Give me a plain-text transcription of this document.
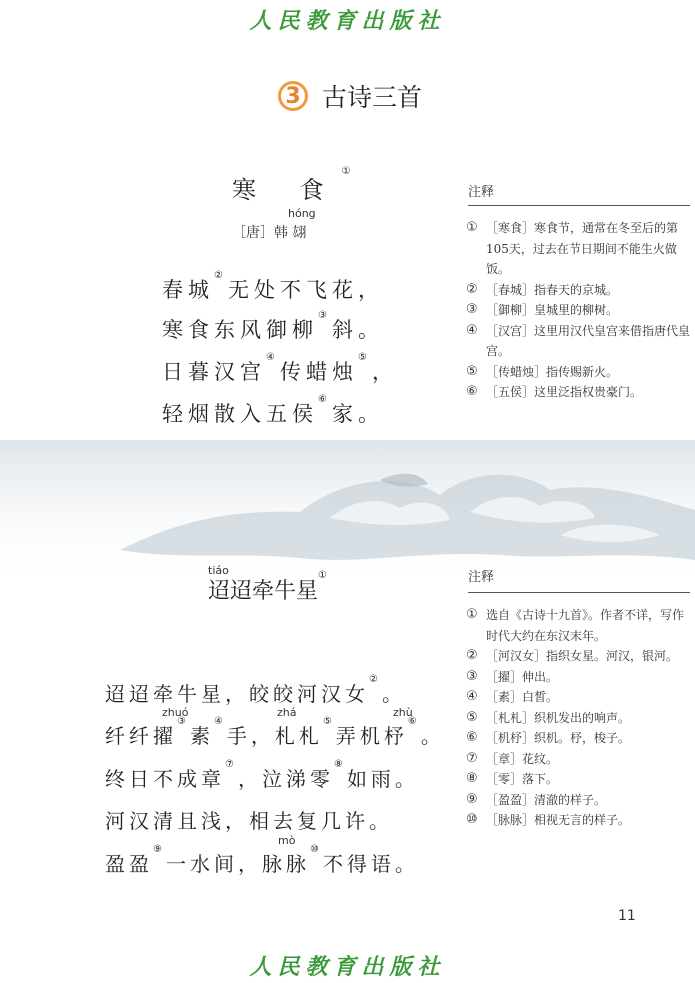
人民教育出版社
3 古诗三首
寒 食①
hóng
［唐］韩 翃
春城②无处不飞花，
寒食东风御柳③斜。
日暮汉宫④传蜡烛⑤，
轻烟散入五侯⑥家。
注释
① ［寒食］寒食节，通常在冬至后的第105天，过去在节日期间不能生火做饭。
② ［春城］指春天的京城。
③ ［御柳］皇城里的柳树。
④ ［汉宫］这里用汉代皇宫来借指唐代皇宫。
⑤ ［传蜡烛］指传赐新火。
⑥ ［五侯］这里泛指权贵豪门。
tiáo
迢迢牵牛星①
迢迢牵牛星，皎皎河汉女②。
zhuó	zhá	zhù
纤纤擢③素④手，札札⑤弄机杼⑥。
终日不成章⑦，泣涕零⑧如雨。
河汉清且浅，相去复几许。
mò
盈盈⑨一水间，脉脉⑩不得语。
注释
① 选自《古诗十九首》。作者不详，写作时代大约在东汉末年。
② ［河汉女］指织女星。河汉，银河。
③ ［擢］伸出。
④ ［素］白皙。
⑤ ［札札］织机发出的响声。
⑥ ［机杼］织机。杼，梭子。
⑦ ［章］花纹。
⑧ ［零］落下。
⑨ ［盈盈］清澈的样子。
⑩ ［脉脉］相视无言的样子。
11
人民教育出版社
